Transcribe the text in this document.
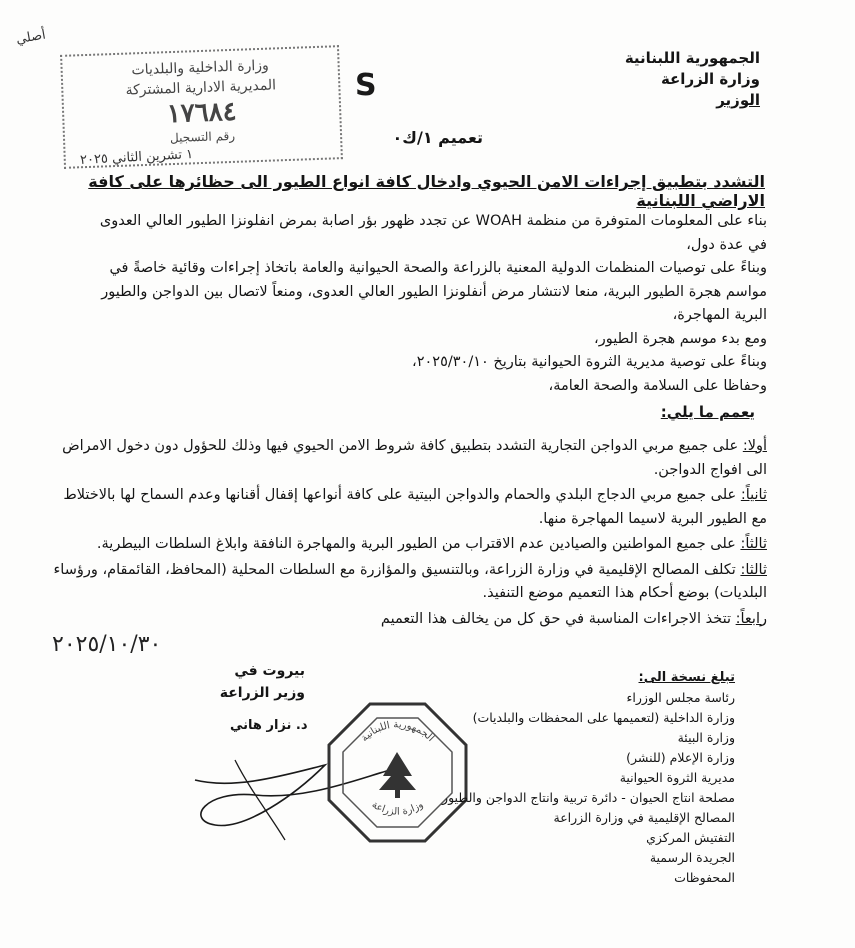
أصلي
الجمهورية اللبنانية
وزارة الزراعة
الوزير
وزارة الداخلية والبلديات
المديرية الادارية المشتركة
١٧٦٨٤
رقم التسجيل
S
تعميم ١/ك٠
١ تشرين الثاني ٢٠٢٥
التشدد بتطبيق إجراءات الامن الحيوي وادخال كافة انواع الطيور الى حظائرها على كافة الاراضي اللبنانية

بناء على المعلومات المتوفرة من منظمة WOAH عن تجدد ظهور بؤر اصابة بمرض انفلونزا الطيور العالي العدوى في عدة دول،

وبناءً على توصيات المنظمات الدولية المعنية بالزراعة والصحة الحيوانية والعامة باتخاذ إجراءات وقائية خاصةً في مواسم هجرة الطيور البرية، منعا لانتشار مرض أنفلونزا الطيور العالي العدوى، ومنعاً لاتصال بين الدواجن والطيور البرية المهاجرة،

ومع بدء موسم هجرة الطيور،

وبناءً على توصية مديرية الثروة الحيوانية بتاريخ ٢٠٢٥/٣٠/١٠،

وحفاظا على السلامة والصحة العامة،

يعمم ما يلي:

أولا: على جميع مربي الدواجن التجارية التشدد بتطبيق كافة شروط الامن الحيوي فيها وذلك للحؤول دون دخول الامراض الى افواج الدواجن.

ثانياً: على جميع مربي الدجاج البلدي والحمام والدواجن البيتية على كافة أنواعها إقفال أقنانها وعدم السماح لها بالاختلاط مع الطيور البرية لاسيما المهاجرة منها.

ثالثاً: على جميع المواطنين والصيادين عدم الاقتراب من الطيور البرية والمهاجرة النافقة وابلاغ السلطات البيطرية.

ثالثا: تكلف المصالح الإقليمية في وزارة الزراعة، وبالتنسيق والمؤازرة مع السلطات المحلية (المحافظ، القائمقام، ورؤساء البلديات) بوضع أحكام هذا التعميم موضع التنفيذ.

رابعاً: تتخذ الاجراءات المناسبة في حق كل من يخالف هذا التعميم

٢٠٢٥/١٠/٣٠
بيروت في
وزير الزراعة
د. نزار هاني
الجمهورية اللبنانية
وزارة الزراعة
تبلغ نسخة الى:
رئاسة مجلس الوزراء
وزارة الداخلية (لتعميمها على المحفظات والبلديات)
وزارة البيئة
وزارة الإعلام (للنشر)
مديرية الثروة الحيوانية
مصلحة انتاج الحيوان - دائرة تربية وانتاج الدواجن والطيور
المصالح الإقليمية في وزارة الزراعة
التفتيش المركزي
الجريدة الرسمية
المحفوظات
